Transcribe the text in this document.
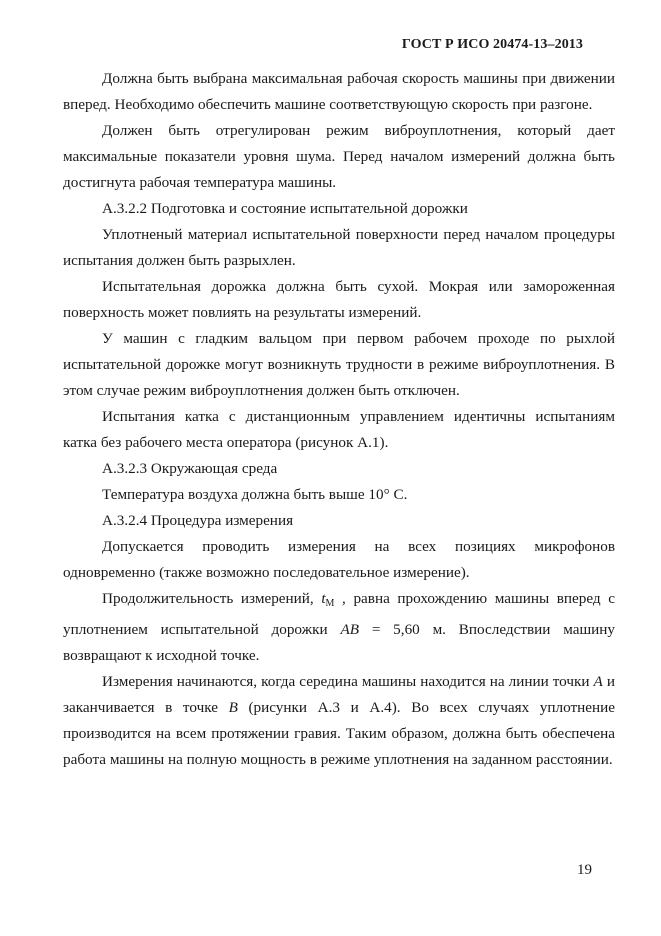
ГОСТ Р ИСО 20474-13–2013

Должна быть выбрана максимальная рабочая скорость машины при движении вперед. Необходимо обеспечить машине соответствующую скорость при разгоне.

Должен быть отрегулирован режим виброуплотнения, который дает максимальные показатели уровня шума. Перед началом измерений должна быть достигнута рабочая температура машины.

А.3.2.2 Подготовка и состояние испытательной дорожки

Уплотненый материал испытательной поверхности перед началом процедуры испытания должен быть разрыхлен.

Испытательная дорожка должна быть сухой. Мокрая или замороженная поверхность может повлиять на результаты измерений.

У машин с гладким вальцом при первом рабочем проходе по рыхлой испытательной дорожке могут возникнуть трудности в режиме виброуплотнения. В этом случае режим виброуплотнения должен быть отключен.

Испытания катка с дистанционным управлением идентичны испытаниям катка без рабочего места оператора (рисунок А.1).

А.3.2.3 Окружающая среда

Температура воздуха должна быть выше 10° С.

А.3.2.4 Процедура измерения

Допускается проводить измерения на всех позициях микрофонов одновременно (также возможно последовательное измерение).

Продолжительность измерений, $t_М$ , равна прохождению машины вперед с уплотнением испытательной дорожки АВ = 5,60 м. Впоследствии машину возвращают к исходной точке.

Измерения начинаются, когда середина машины находится на линии точки А и заканчивается в точке В (рисунки А.3 и А.4). Во всех случаях уплотнение производится на всем протяжении гравия. Таким образом, должна быть обеспечена работа машины на полную мощность в режиме уплотнения на заданном расстоянии.

19
